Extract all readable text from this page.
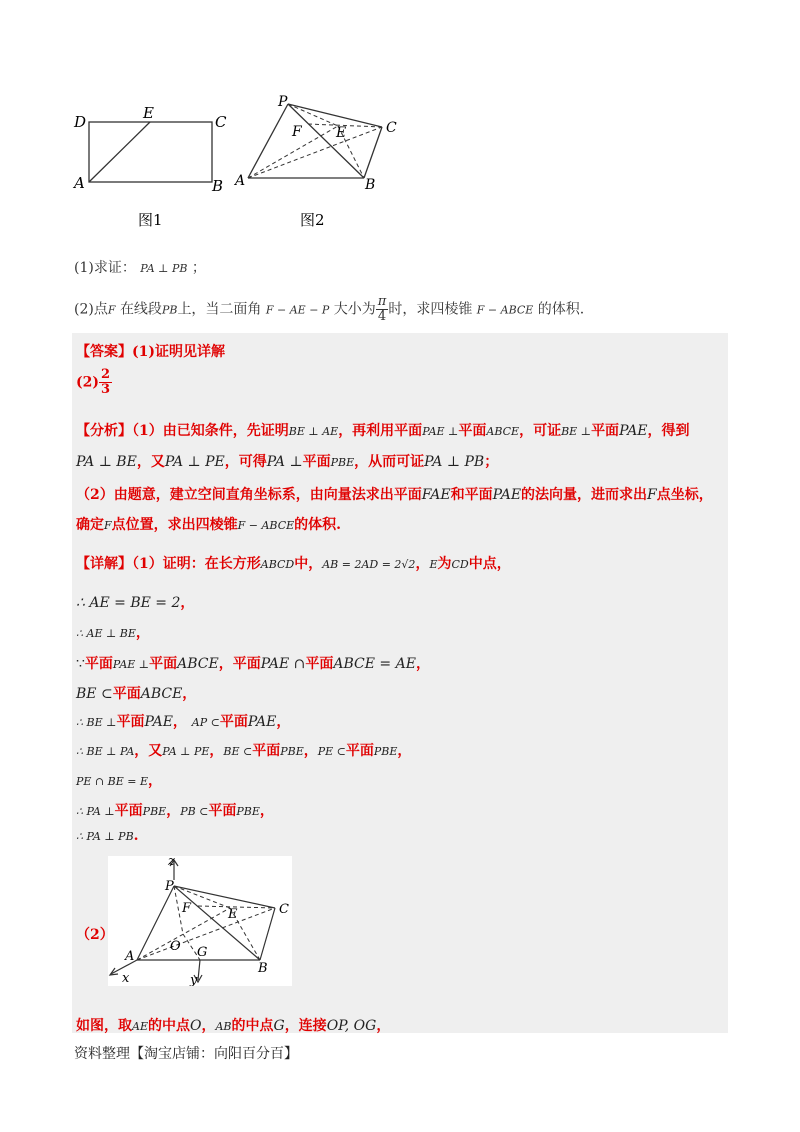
D	E	C
A	B
图1
P
F E	C
A	B
图2
(1)求证： PA ⊥ PB ；
(2)点F 在线段PB上，当二面角 F − AE − P 大小为 $\frac{\pi}{4}$ 时，求四棱锥 F − ABCE 的体积.
【答案】(1)证明见详解
$(2) \frac{2}{3}$
【分析】（1）由已知条件，先证明BE ⊥ AE，再利用平面PAE ⊥平面ABCE，可证BE ⊥平面PAE，得到
PA ⊥ BE，又PA ⊥ PE，可得PA ⊥平面PBE，从而可证PA ⊥ PB；
（2）由题意，建立空间直角坐标系，由向量法求出平面FAE和平面PAE的法向量，进而求出F点坐标，
确定F点位置，求出四棱锥F − ABCE的体积.
【详解】（1）证明：在长方形ABCD中，AB = 2AD = 2√2，E为CD中点，
∴ AE = BE = 2，
∴ AE ⊥ BE，
∵平面PAE ⊥平面ABCE，平面PAE ∩平面ABCE = AE，
BE ⊂平面ABCE，
∴ BE ⊥平面PAE， AP ⊂平面PAE，
∴ BE ⊥ PA，又PA ⊥ PE，BE ⊂平面PBE，PE ⊂平面PBE，
PE ∩ BE = E，
∴ PA ⊥平面PBE，PB ⊂平面PBE，
∴ PA ⊥ PB.
（2）
z
P
F	E	C
O G
A
B
x	y
如图，取AE的中点O，AB的中点G，连接OP, OG，
资料整理【淘宝店铺：向阳百分百】
